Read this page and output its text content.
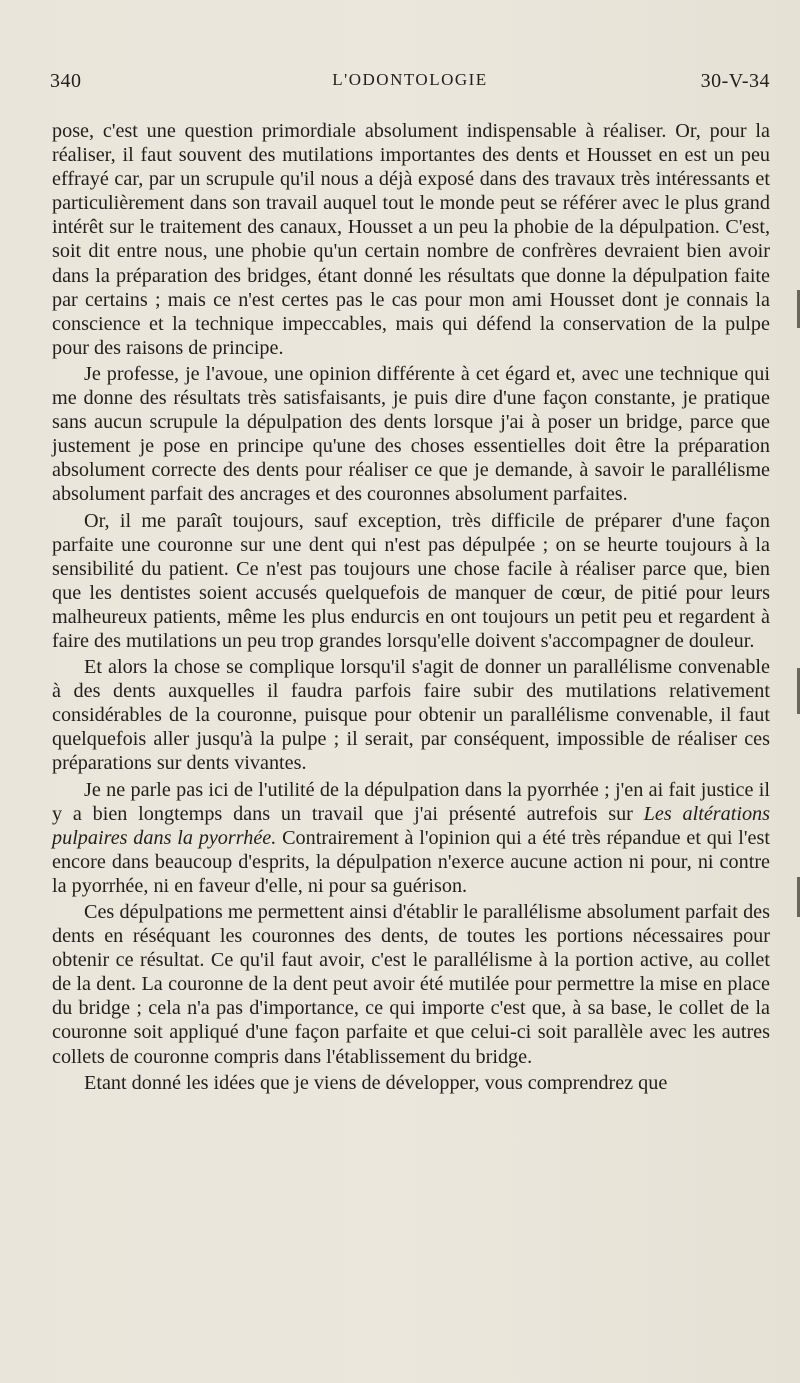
340	L'ODONTOLOGIE	30-V-34

pose, c'est une question primordiale absolument indispensable à réaliser. Or, pour la réaliser, il faut souvent des mutilations importantes des dents et Housset en est un peu effrayé car, par un scrupule qu'il nous a déjà exposé dans des travaux très intéressants et particulièrement dans son travail auquel tout le monde peut se référer avec le plus grand intérêt sur le traitement des canaux, Housset a un peu la phobie de la dépulpation. C'est, soit dit entre nous, une phobie qu'un certain nombre de confrères devraient bien avoir dans la préparation des bridges, étant donné les résultats que donne la dépulpation faite par certains ; mais ce n'est certes pas le cas pour mon ami Housset dont je connais la conscience et la technique impeccables, mais qui défend la conservation de la pulpe pour des raisons de principe.

Je professe, je l'avoue, une opinion différente à cet égard et, avec une technique qui me donne des résultats très satisfaisants, je puis dire d'une façon constante, je pratique sans aucun scrupule la dépulpation des dents lorsque j'ai à poser un bridge, parce que justement je pose en principe qu'une des choses essentielles doit être la préparation absolument correcte des dents pour réaliser ce que je demande, à savoir le parallélisme absolument parfait des ancrages et des couronnes absolument parfaites.

Or, il me paraît toujours, sauf exception, très difficile de préparer d'une façon parfaite une couronne sur une dent qui n'est pas dépulpée ; on se heurte toujours à la sensibilité du patient. Ce n'est pas toujours une chose facile à réaliser parce que, bien que les dentistes soient accusés quelquefois de manquer de cœur, de pitié pour leurs malheureux patients, même les plus endurcis en ont toujours un petit peu et regardent à faire des mutilations un peu trop grandes lorsqu'elle doivent s'accompagner de douleur.

Et alors la chose se complique lorsqu'il s'agit de donner un parallélisme convenable à des dents auxquelles il faudra parfois faire subir des mutilations relativement considérables de la couronne, puisque pour obtenir un parallélisme convenable, il faut quelquefois aller jusqu'à la pulpe ; il serait, par conséquent, impossible de réaliser ces préparations sur dents vivantes.

Je ne parle pas ici de l'utilité de la dépulpation dans la pyorrhée ; j'en ai fait justice il y a bien longtemps dans un travail que j'ai présenté autrefois sur Les altérations pulpaires dans la pyorrhée. Contrairement à l'opinion qui a été très répandue et qui l'est encore dans beaucoup d'esprits, la dépulpation n'exerce aucune action ni pour, ni contre la pyorrhée, ni en faveur d'elle, ni pour sa guérison.

Ces dépulpations me permettent ainsi d'établir le parallélisme absolument parfait des dents en réséquant les couronnes des dents, de toutes les portions nécessaires pour obtenir ce résultat. Ce qu'il faut avoir, c'est le parallélisme à la portion active, au collet de la dent. La couronne de la dent peut avoir été mutilée pour permettre la mise en place du bridge ; cela n'a pas d'importance, ce qui importe c'est que, à sa base, le collet de la couronne soit appliqué d'une façon parfaite et que celui-ci soit parallèle avec les autres collets de couronne compris dans l'établissement du bridge.

Etant donné les idées que je viens de développer, vous comprendrez que
